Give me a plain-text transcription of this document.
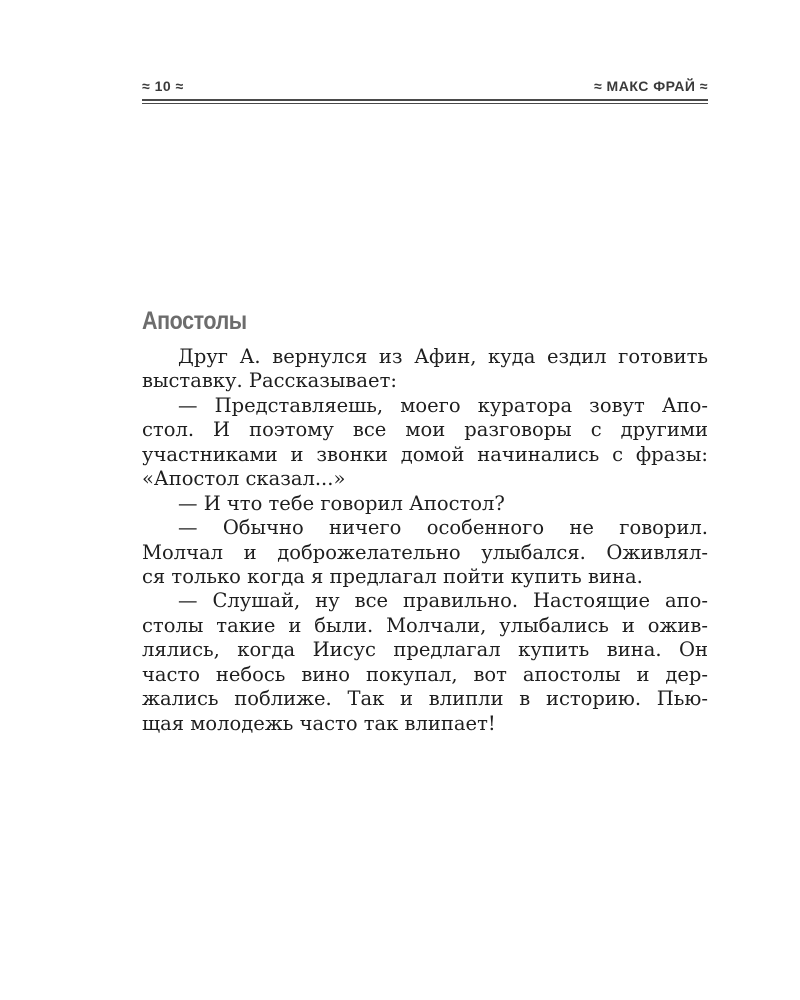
≈ 10 ≈	≈ МАКС ФРАЙ ≈
Апостолы
Друг А. вернулся из Афин, куда ездил готовить
выставку. Рассказывает:
— Представляешь, моего куратора зовут Апо-
стол. И поэтому все мои разговоры с другими
участниками и звонки домой начинались с фразы:
«Апостол сказал...»
— И что тебе говорил Апостол?
— Обычно ничего особенного не говорил.
Молчал и доброжелательно улыбался. Оживлял-
ся только когда я предлагал пойти купить вина.
— Слушай, ну все правильно. Настоящие апо-
столы такие и были. Молчали, улыбались и ожив-
лялись, когда Иисус предлагал купить вина. Он
часто небось вино покупал, вот апостолы и дер-
жались поближе. Так и влипли в историю. Пью-
щая молодежь часто так влипает!
